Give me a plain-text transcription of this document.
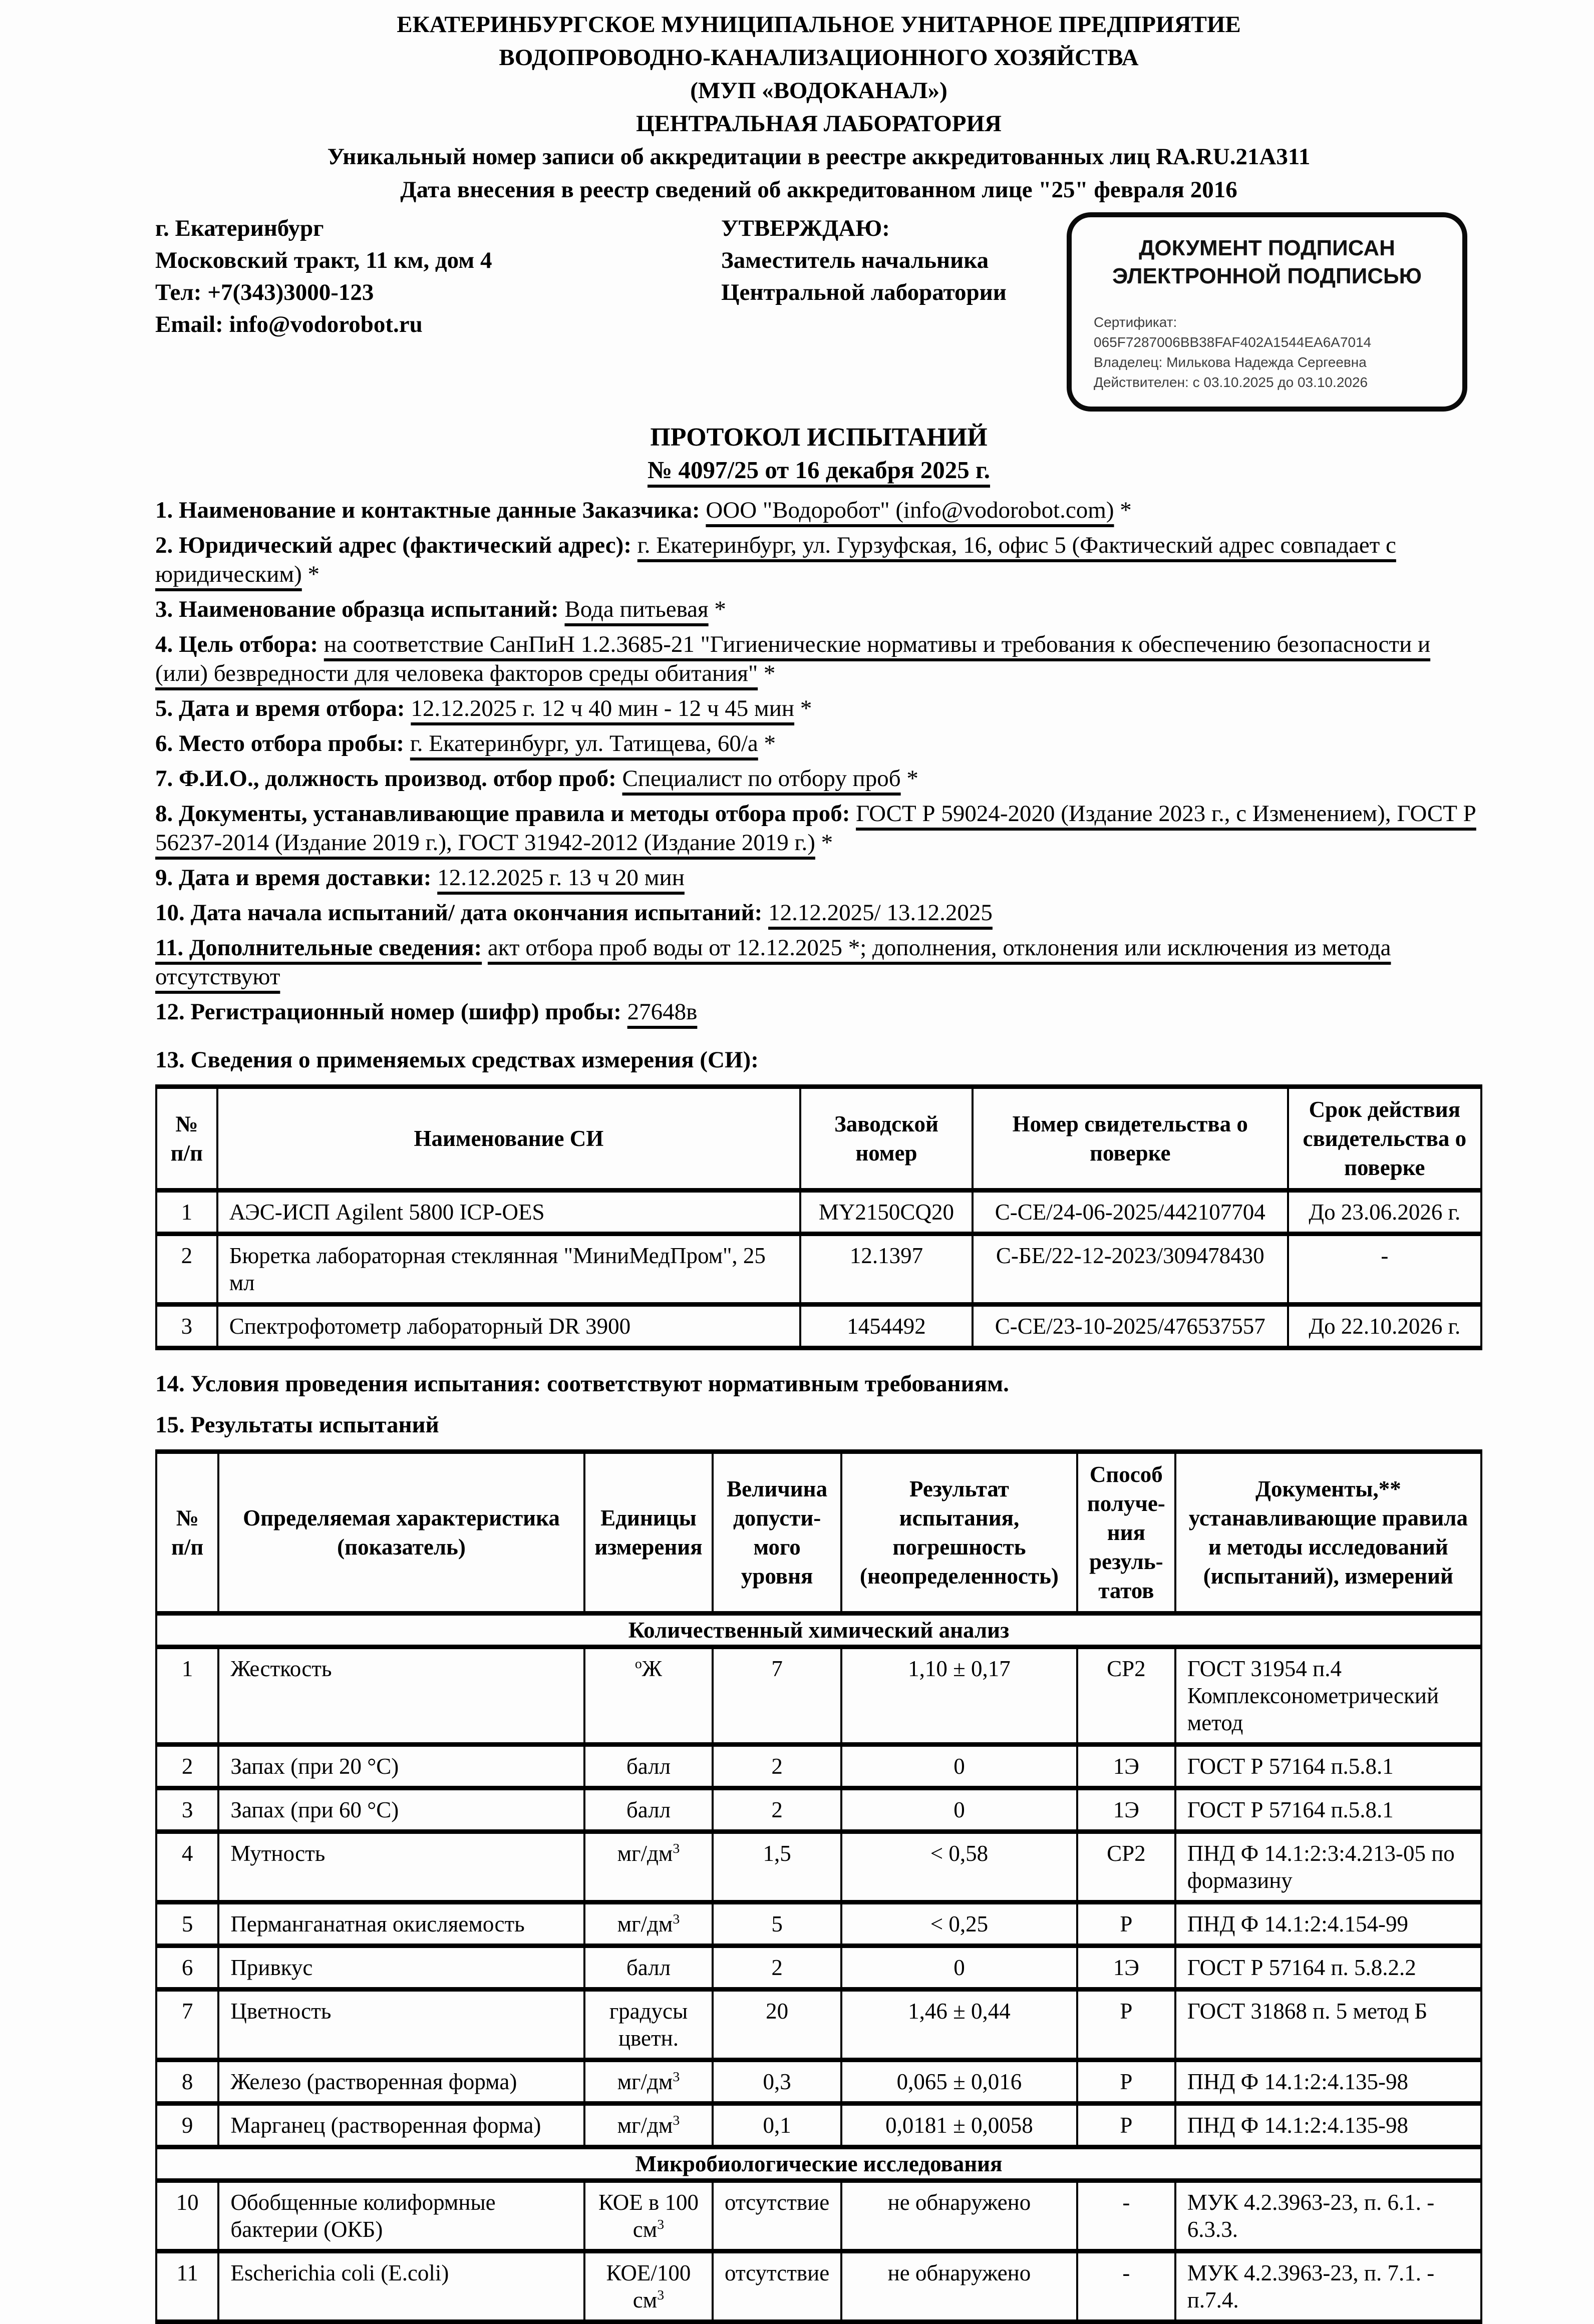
ЕКАТЕРИНБУРГСКОЕ МУНИЦИПАЛЬНОЕ УНИТАРНОЕ ПРЕДПРИЯТИЕ
ВОДОПРОВОДНО-КАНАЛИЗАЦИОННОГО ХОЗЯЙСТВА
(МУП «ВОДОКАНАЛ»)
ЦЕНТРАЛЬНАЯ ЛАБОРАТОРИЯ
Уникальный номер записи об аккредитации в реестре аккредитованных лиц RA.RU.21A311
Дата внесения в реестр сведений об аккредитованном лице "25" февраля 2016
г. Екатеринбург
Московский тракт, 11 км, дом 4
Тел: +7(343)3000-123
Email: info@vodorobot.ru
УТВЕРЖДАЮ:
Заместитель начальника
Центральной лаборатории
ДОКУМЕНТ ПОДПИСАН
ЭЛЕКТРОННОЙ ПОДПИСЬЮ
Сертификат: 065F7287006BB38FAF402A1544EA6A7014
Владелец: Милькова Надежда Сергеевна
Действителен: с 03.10.2025 до 03.10.2026
ПРОТОКОЛ ИСПЫТАНИЙ
№ 4097/25 от 16 декабря 2025 г.

1. Наименование и контактные данные Заказчика: ООО "Водоробот" (info@vodorobot.com) *

2. Юридический адрес (фактический адрес): г. Екатеринбург, ул. Гурзуфская, 16, офис 5 (Фактический адрес совпадает с юридическим) *

3. Наименование образца испытаний: Вода питьевая *

4. Цель отбора: на соответствие СанПиН 1.2.3685-21 "Гигиенические нормативы и требования к обеспечению безопасности и (или) безвредности для человека факторов среды обитания" *

5. Дата и время отбора: 12.12.2025 г. 12 ч 40 мин - 12 ч 45 мин *

6. Место отбора пробы: г. Екатеринбург, ул. Татищева, 60/а *

7. Ф.И.О., должность производ. отбор проб: Специалист по отбору проб *

8. Документы, устанавливающие правила и методы отбора проб: ГОСТ Р 59024-2020 (Издание 2023 г., с Изменением), ГОСТ Р 56237-2014 (Издание 2019 г.), ГОСТ 31942-2012 (Издание 2019 г.) *

9. Дата и время доставки: 12.12.2025 г. 13 ч 20 мин

10. Дата начала испытаний/ дата окончания испытаний: 12.12.2025/ 13.12.2025

11. Дополнительные сведения: акт отбора проб воды от 12.12.2025 *; дополнения, отклонения или исключения из метода отсутствуют

12. Регистрационный номер (шифр) пробы: 27648в

13. Сведения о применяемых средствах измерения (СИ):
№ п/п	Наименование СИ	Заводской номер	Номер свидетельства о поверке	Срок действия свидетельства о поверке
1	АЭС-ИСП Agilent 5800 ICP-OES	MY2150CQ20	С-СЕ/24-06-2025/442107704	До 23.06.2026 г.
2	Бюретка лабораторная стеклянная "МиниМедПром", 25 мл	12.1397	С-БЕ/22-12-2023/309478430	-
3	Спектрофотометр лабораторный DR 3900	1454492	С-СЕ/23-10-2025/476537557	До 22.10.2026 г.
14. Условия проведения испытания: соответствуют нормативным требованиям.
15. Результаты испытаний
№ п/п	Определяемая характеристика (показатель)	Единицы измерения	Величина допусти-мого уровня	Результат испытания, погрешность (неопределенность)	Способ получе-ния резуль-татов	Документы,** устанавливающие правила и методы исследований (испытаний), измерений
Количественный химический анализ						
1	Жесткость	$^о$Ж	7	1,10 ± 0,17	СР2	ГОСТ 31954 п.4 Комплексонометрический метод
2	Запах (при 20 °С)	балл	2	0	1Э	ГОСТ Р 57164 п.5.8.1
3	Запах (при 60 °С)	балл	2	0	1Э	ГОСТ Р 57164 п.5.8.1
4	Мутность	$мг/дм^3$	1,5	< 0,58	СР2	ПНД Ф 14.1:2:3:4.213-05 по формазину
5	Перманганатная окисляемость	$мг/дм^3$	5	< 0,25	Р	ПНД Ф 14.1:2:4.154-99
6	Привкус	балл	2	0	1Э	ГОСТ Р 57164 п. 5.8.2.2
7	Цветность	градусы цветн.	20	1,46 ± 0,44	Р	ГОСТ 31868 п. 5 метод Б
8	Железо (растворенная форма)	$мг/дм^3$	0,3	0,065 ± 0,016	Р	ПНД Ф 14.1:2:4.135-98
9	Марганец (растворенная форма)	$мг/дм^3$	0,1	0,0181 ± 0,0058	Р	ПНД Ф 14.1:2:4.135-98
Микробиологические исследования						
10	Обобщенные колиформные бактерии (ОКБ)	КОЕ в 100 $см^3$	отсутствие	не обнаружено	-	МУК 4.2.3963-23, п. 6.1. - 6.3.3.
11	Escherichia coli (E.coli)	КОЕ/100 $см^3$	отсутствие	не обнаружено	-	МУК 4.2.3963-23, п. 7.1. - п.7.4.
